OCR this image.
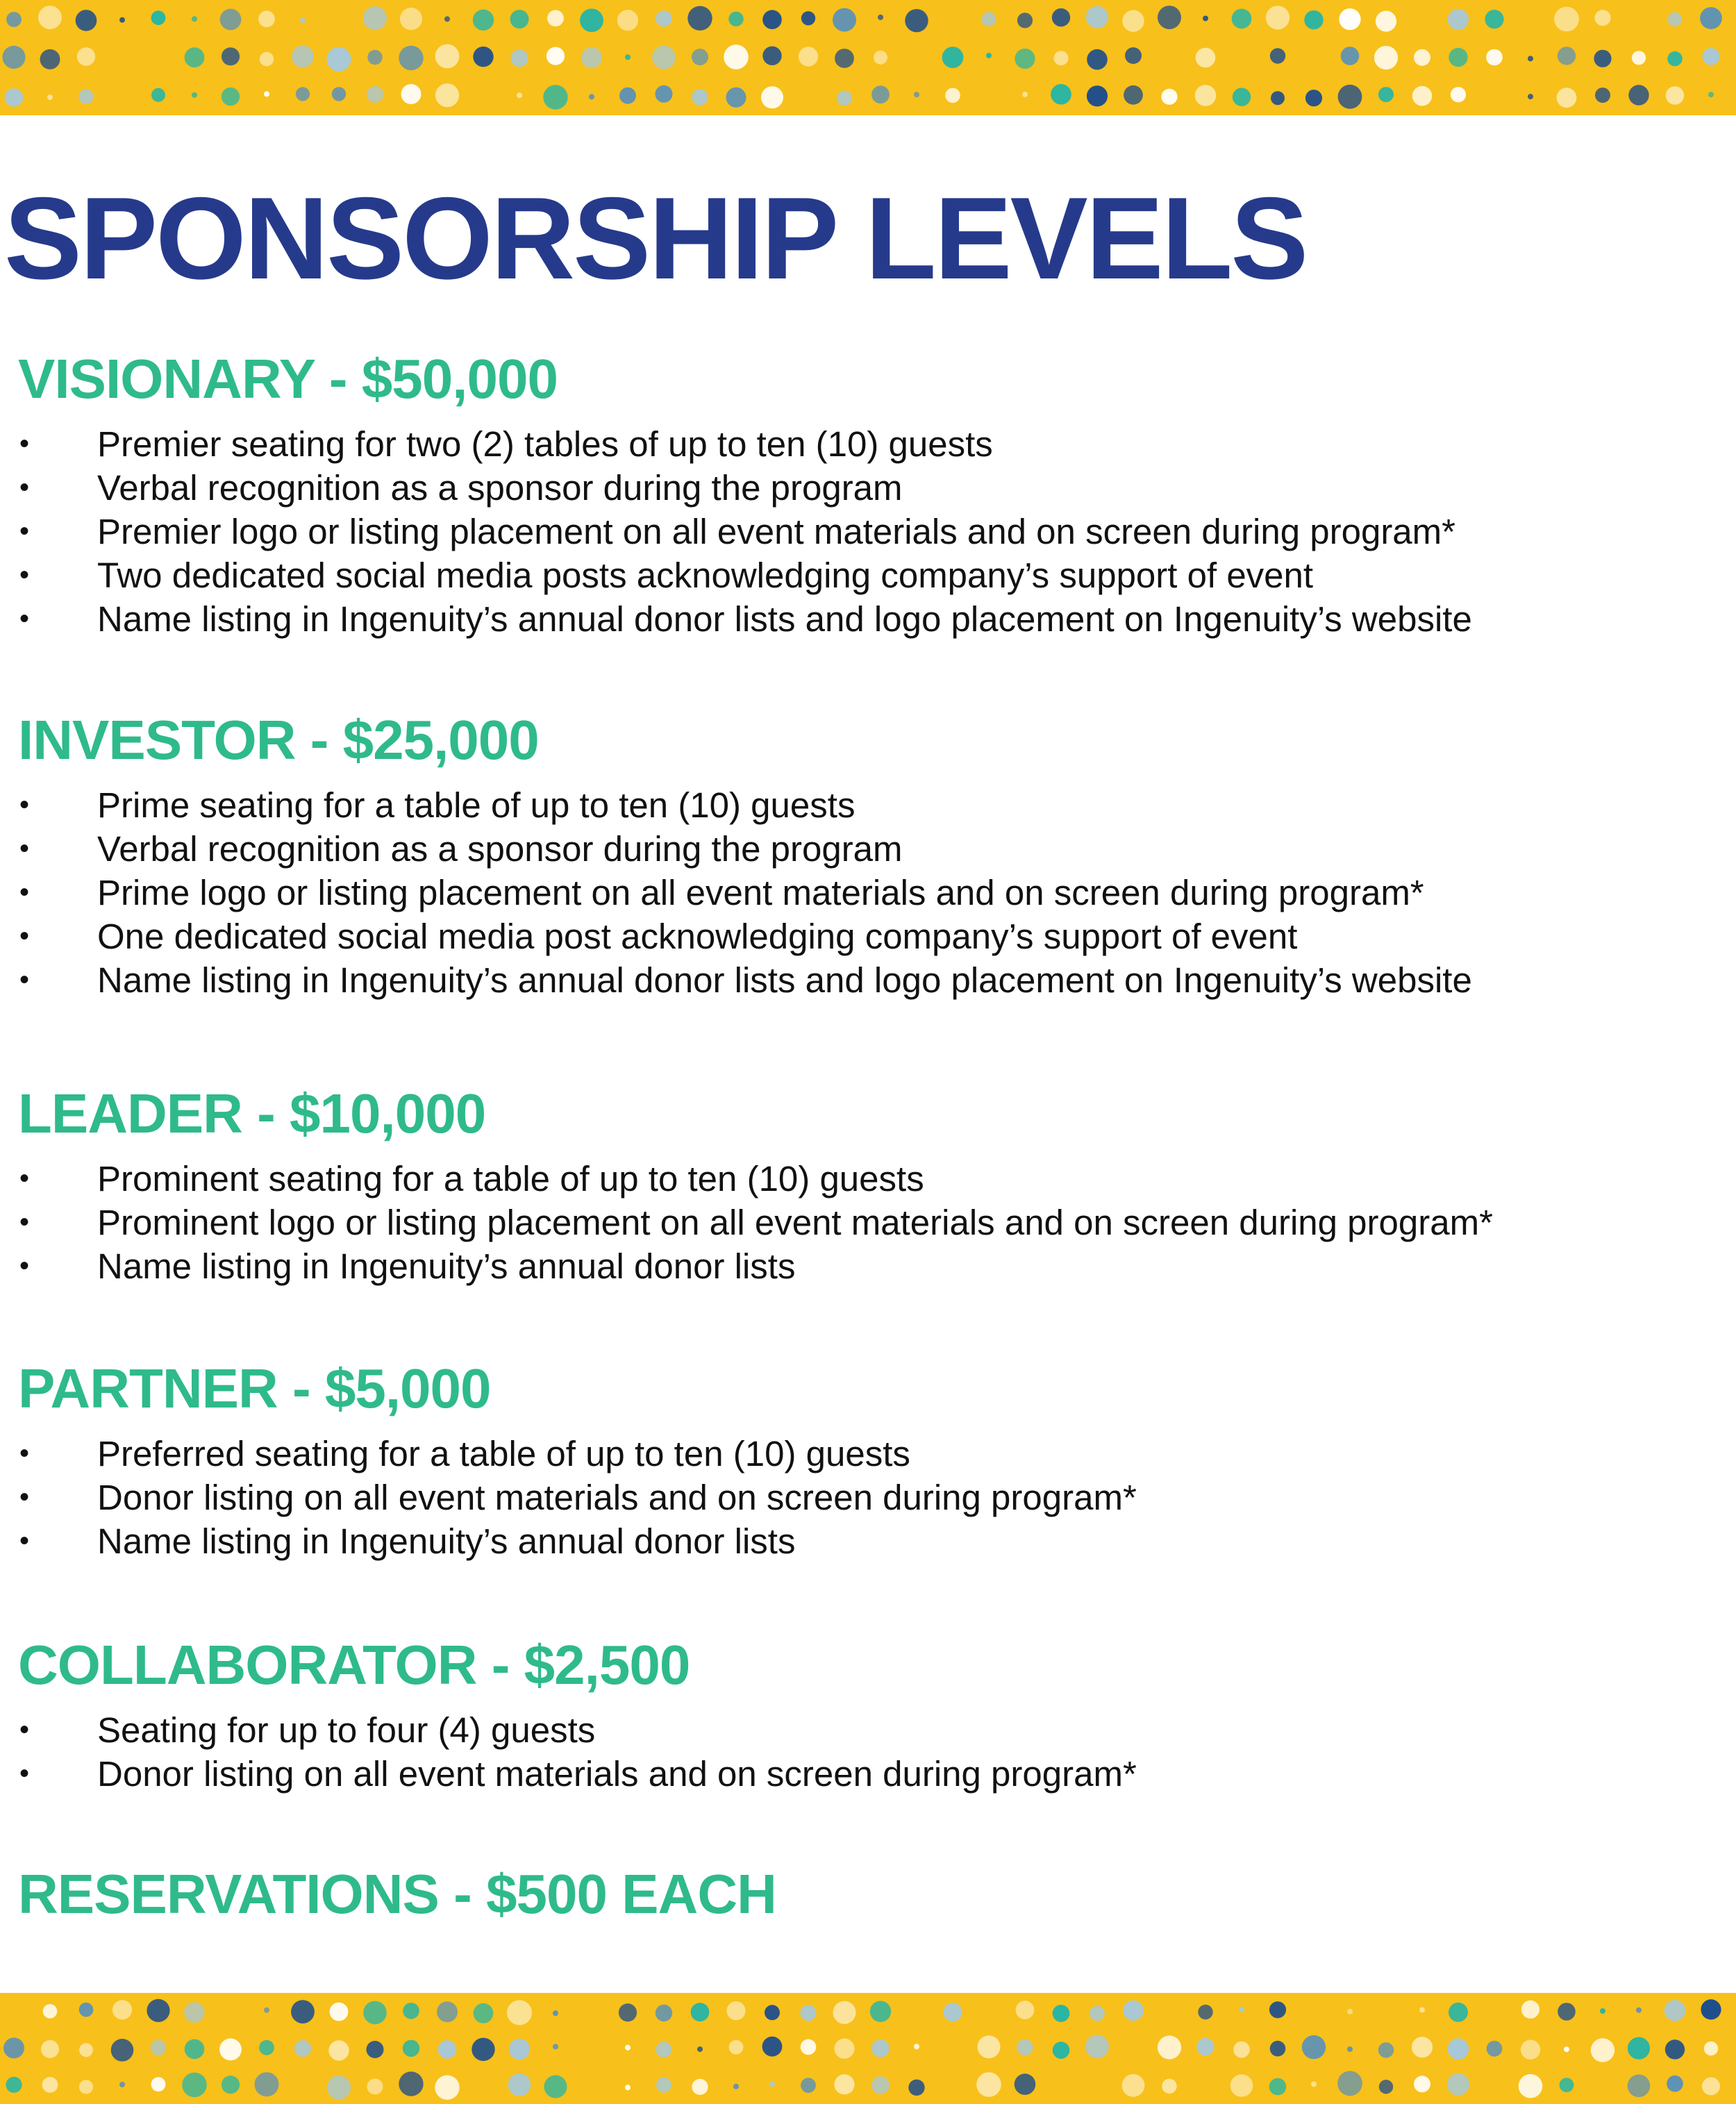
SPONSORSHIP LEVELS
VISIONARY - $50,000
• Premier seating for two (2) tables of up to ten (10) guests
• Verbal recognition as a sponsor during the program
• Premier logo or listing placement on all event materials and on screen during program*
• Two dedicated social media posts acknowledging company’s support of event
• Name listing in Ingenuity’s annual donor lists and logo placement on Ingenuity’s website
INVESTOR - $25,000
• Prime seating for a table of up to ten (10) guests
• Verbal recognition as a sponsor during the program
• Prime logo or listing placement on all event materials and on screen during program*
• One dedicated social media post acknowledging company’s support of event
• Name listing in Ingenuity’s annual donor lists and logo placement on Ingenuity’s website
LEADER - $10,000
• Prominent seating for a table of up to ten (10) guests
• Prominent logo or listing placement on all event materials and on screen during program*
• Name listing in Ingenuity’s annual donor lists
PARTNER - $5,000
• Preferred seating for a table of up to ten (10) guests
• Donor listing on all event materials and on screen during program*
• Name listing in Ingenuity’s annual donor lists
COLLABORATOR - $2,500
• Seating for up to four (4) guests
• Donor listing on all event materials and on screen during program*
RESERVATIONS - $500 EACH
